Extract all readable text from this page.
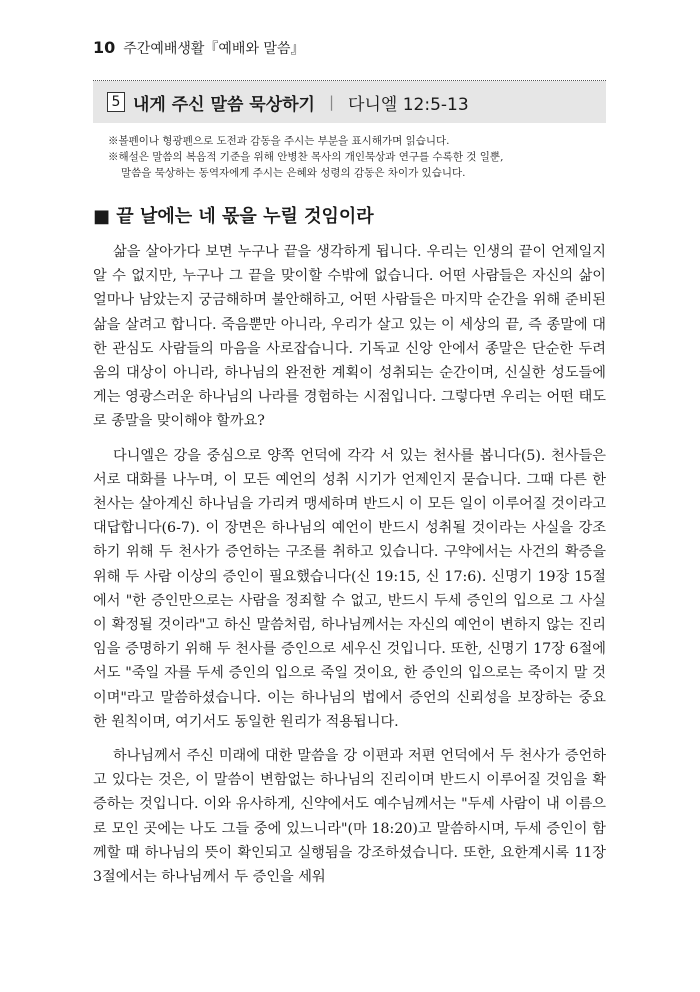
10 주간예배생활『예배와 말씀』
5 내게 주신 말씀 묵상하기 | 다니엘 12:5-13

※볼펜이나 형광펜으로 도전과 감동을 주시는 부분을 표시해가며 읽습니다.

※해설은 말씀의 복음적 기준을 위해 안병찬 목사의 개인묵상과 연구를 수록한 것 일뿐,

말씀을 묵상하는 동역자에게 주시는 은혜와 성령의 감동은 차이가 있습니다.

■ 끝 날에는 네 몫을 누릴 것임이라

삶을 살아가다 보면 누구나 끝을 생각하게 됩니다. 우리는 인생의 끝이 언제일지 알 수 없지만, 누구나 그 끝을 맞이할 수밖에 없습니다. 어떤 사람들은 자신의 삶이 얼마나 남았는지 궁금해하며 불안해하고, 어떤 사람들은 마지막 순간을 위해 준비된 삶을 살려고 합니다. 죽음뿐만 아니라, 우리가 살고 있는 이 세상의 끝, 즉 종말에 대한 관심도 사람들의 마음을 사로잡습니다. 기독교 신앙 안에서 종말은 단순한 두려움의 대상이 아니라, 하나님의 완전한 계획이 성취되는 순간이며, 신실한 성도들에게는 영광스러운 하나님의 나라를 경험하는 시점입니다. 그렇다면 우리는 어떤 태도로 종말을 맞이해야 할까요?

다니엘은 강을 중심으로 양쪽 언덕에 각각 서 있는 천사를 봅니다(5). 천사들은 서로 대화를 나누며, 이 모든 예언의 성취 시기가 언제인지 묻습니다. 그때 다른 한 천사는 살아계신 하나님을 가리켜 맹세하며 반드시 이 모든 일이 이루어질 것이라고 대답합니다(6-7). 이 장면은 하나님의 예언이 반드시 성취될 것이라는 사실을 강조하기 위해 두 천사가 증언하는 구조를 취하고 있습니다. 구약에서는 사건의 확증을 위해 두 사람 이상의 증인이 필요했습니다(신 19:15, 신 17:6). 신명기 19장 15절에서 "한 증인만으로는 사람을 정죄할 수 없고, 반드시 두세 증인의 입으로 그 사실이 확정될 것이라"고 하신 말씀처럼, 하나님께서는 자신의 예언이 변하지 않는 진리임을 증명하기 위해 두 천사를 증인으로 세우신 것입니다. 또한, 신명기 17장 6절에서도 "죽일 자를 두세 증인의 입으로 죽일 것이요, 한 증인의 입으로는 죽이지 말 것이며"라고 말씀하셨습니다. 이는 하나님의 법에서 증언의 신뢰성을 보장하는 중요한 원칙이며, 여기서도 동일한 원리가 적용됩니다.

하나님께서 주신 미래에 대한 말씀을 강 이편과 저편 언덕에서 두 천사가 증언하고 있다는 것은, 이 말씀이 변함없는 하나님의 진리이며 반드시 이루어질 것임을 확증하는 것입니다. 이와 유사하게, 신약에서도 예수님께서는 "두세 사람이 내 이름으로 모인 곳에는 나도 그들 중에 있느니라"(마 18:20)고 말씀하시며, 두세 증인이 함께할 때 하나님의 뜻이 확인되고 실행됨을 강조하셨습니다. 또한, 요한계시록 11장 3절에서는 하나님께서 두 증인을 세워
